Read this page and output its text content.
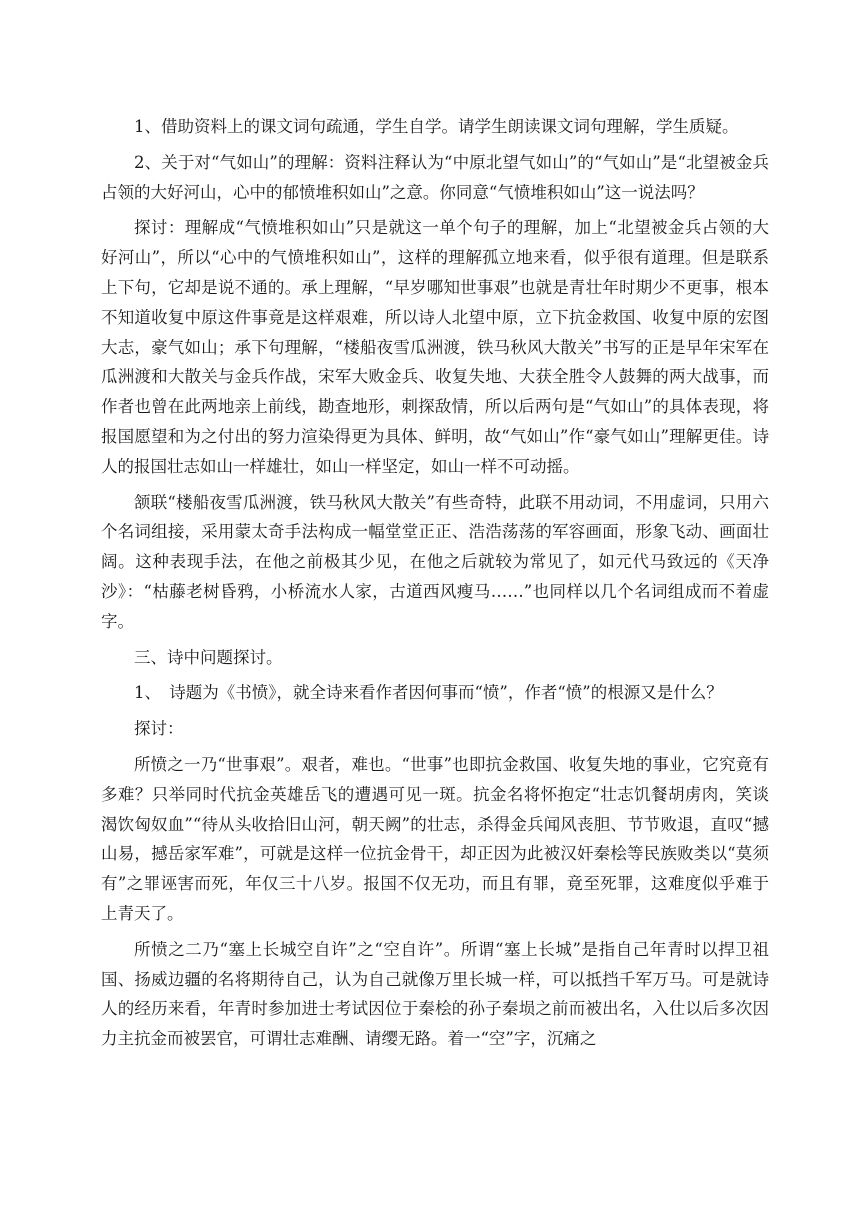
1、借助资料上的课文词句疏通，学生自学。请学生朗读课文词句理解，学生质疑。

2、关于对“气如山”的理解：资料注释认为“中原北望气如山”的“气如山”是“北望被金兵占领的大好河山，心中的郁愤堆积如山”之意。你同意“气愤堆积如山”这一说法吗？

探讨：理解成“气愤堆积如山”只是就这一单个句子的理解，加上“北望被金兵占领的大好河山”，所以“心中的气愤堆积如山”，这样的理解孤立地来看，似乎很有道理。但是联系上下句，它却是说不通的。承上理解，“早岁哪知世事艰”也就是青壮年时期少不更事，根本不知道收复中原这件事竟是这样艰难，所以诗人北望中原，立下抗金救国、收复中原的宏图大志，豪气如山；承下句理解，“楼船夜雪瓜洲渡，铁马秋风大散关”书写的正是早年宋军在瓜洲渡和大散关与金兵作战，宋军大败金兵、收复失地、大获全胜令人鼓舞的两大战事，而作者也曾在此两地亲上前线，勘查地形，刺探敌情，所以后两句是“气如山”的具体表现，将报国愿望和为之付出的努力渲染得更为具体、鲜明，故“气如山”作“豪气如山”理解更佳。诗人的报国壮志如山一样雄壮，如山一样坚定，如山一样不可动摇。

颔联“楼船夜雪瓜洲渡，铁马秋风大散关”有些奇特，此联不用动词，不用虚词，只用六个名词组接，采用蒙太奇手法构成一幅堂堂正正、浩浩荡荡的军容画面，形象飞动、画面壮阔。这种表现手法，在他之前极其少见，在他之后就较为常见了，如元代马致远的《天净沙》：“枯藤老树昏鸦，小桥流水人家，古道西风瘦马……”也同样以几个名词组成而不着虚字。

三、诗中问题探讨。

1、　诗题为《书愤》，就全诗来看作者因何事而“愤”，作者“愤”的根源又是什么？

探讨：

所愤之一乃“世事艰”。艰者，难也。“世事”也即抗金救国、收复失地的事业，它究竟有多难？只举同时代抗金英雄岳飞的遭遇可见一斑。抗金名将怀抱定“壮志饥餐胡虏肉，笑谈渴饮匈奴血”“待从头收拾旧山河，朝天阙”的壮志，杀得金兵闻风丧胆、节节败退，直叹“撼山易，撼岳家军难”，可就是这样一位抗金骨干，却正因为此被汉奸秦桧等民族败类以“莫须有”之罪诬害而死，年仅三十八岁。报国不仅无功，而且有罪，竟至死罪，这难度似乎难于上青天了。

所愤之二乃“塞上长城空自许”之“空自许”。所谓“塞上长城”是指自己年青时以捍卫祖国、扬威边疆的名将期待自己，认为自己就像万里长城一样，可以抵挡千军万马。可是就诗人的经历来看，年青时参加进士考试因位于秦桧的孙子秦埙之前而被出名，入仕以后多次因力主抗金而被罢官，可谓壮志难酬、请缨无路。着一“空”字，沉痛之
